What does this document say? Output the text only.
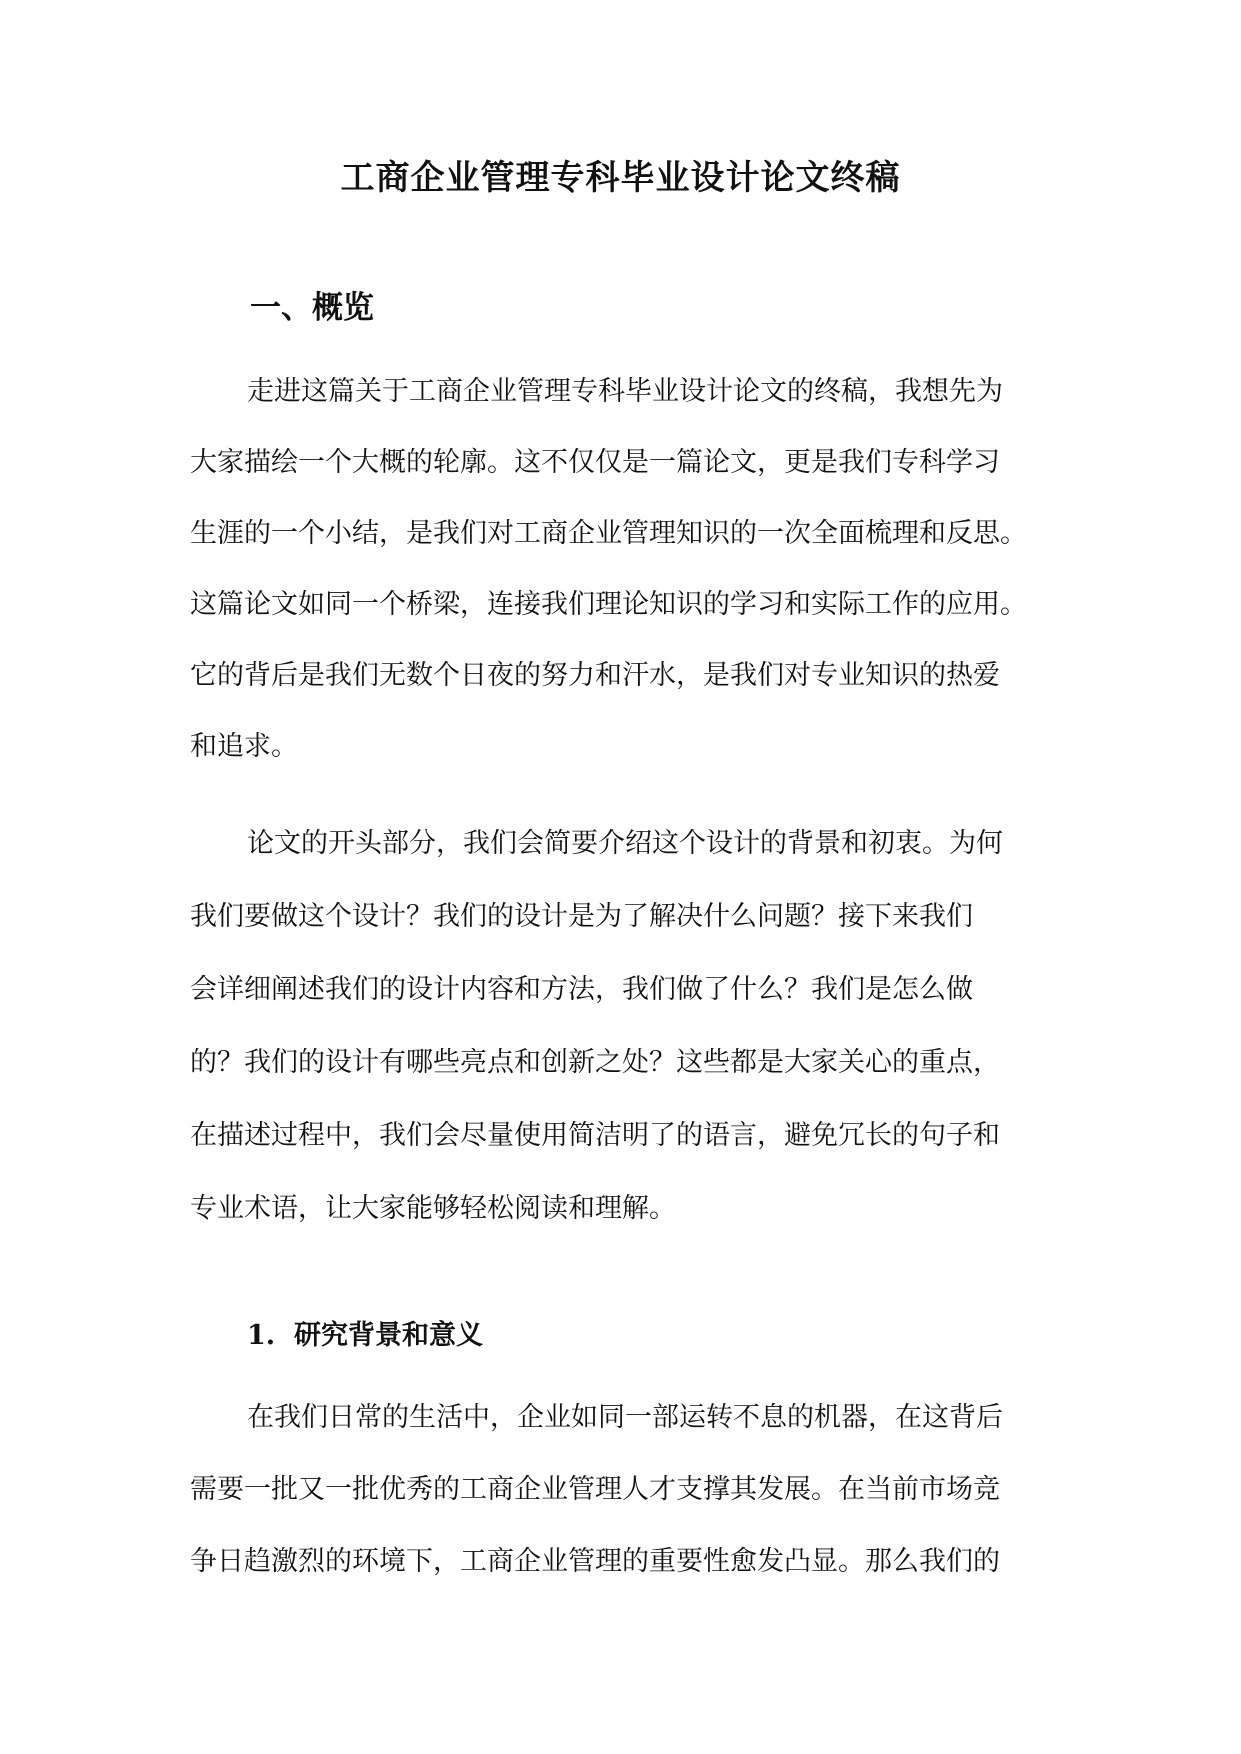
工商企业管理专科毕业设计论文终稿
一、概览

走进这篇关于工商企业管理专科毕业设计论文的终稿，我想先为

大家描绘一个大概的轮廓。这不仅仅是一篇论文，更是我们专科学习

生涯的一个小结，是我们对工商企业管理知识的一次全面梳理和反思。

这篇论文如同一个桥梁，连接我们理论知识的学习和实际工作的应用。

它的背后是我们无数个日夜的努力和汗水，是我们对专业知识的热爱

和追求。

论文的开头部分，我们会简要介绍这个设计的背景和初衷。为何

我们要做这个设计？我们的设计是为了解决什么问题？接下来我们

会详细阐述我们的设计内容和方法，我们做了什么？我们是怎么做

的？我们的设计有哪些亮点和创新之处？这些都是大家关心的重点，

在描述过程中，我们会尽量使用简洁明了的语言，避免冗长的句子和

专业术语，让大家能够轻松阅读和理解。

1.  研究背景和意义

在我们日常的生活中，企业如同一部运转不息的机器，在这背后

需要一批又一批优秀的工商企业管理人才支撑其发展。在当前市场竞

争日趋激烈的环境下，工商企业管理的重要性愈发凸显。那么我们的
